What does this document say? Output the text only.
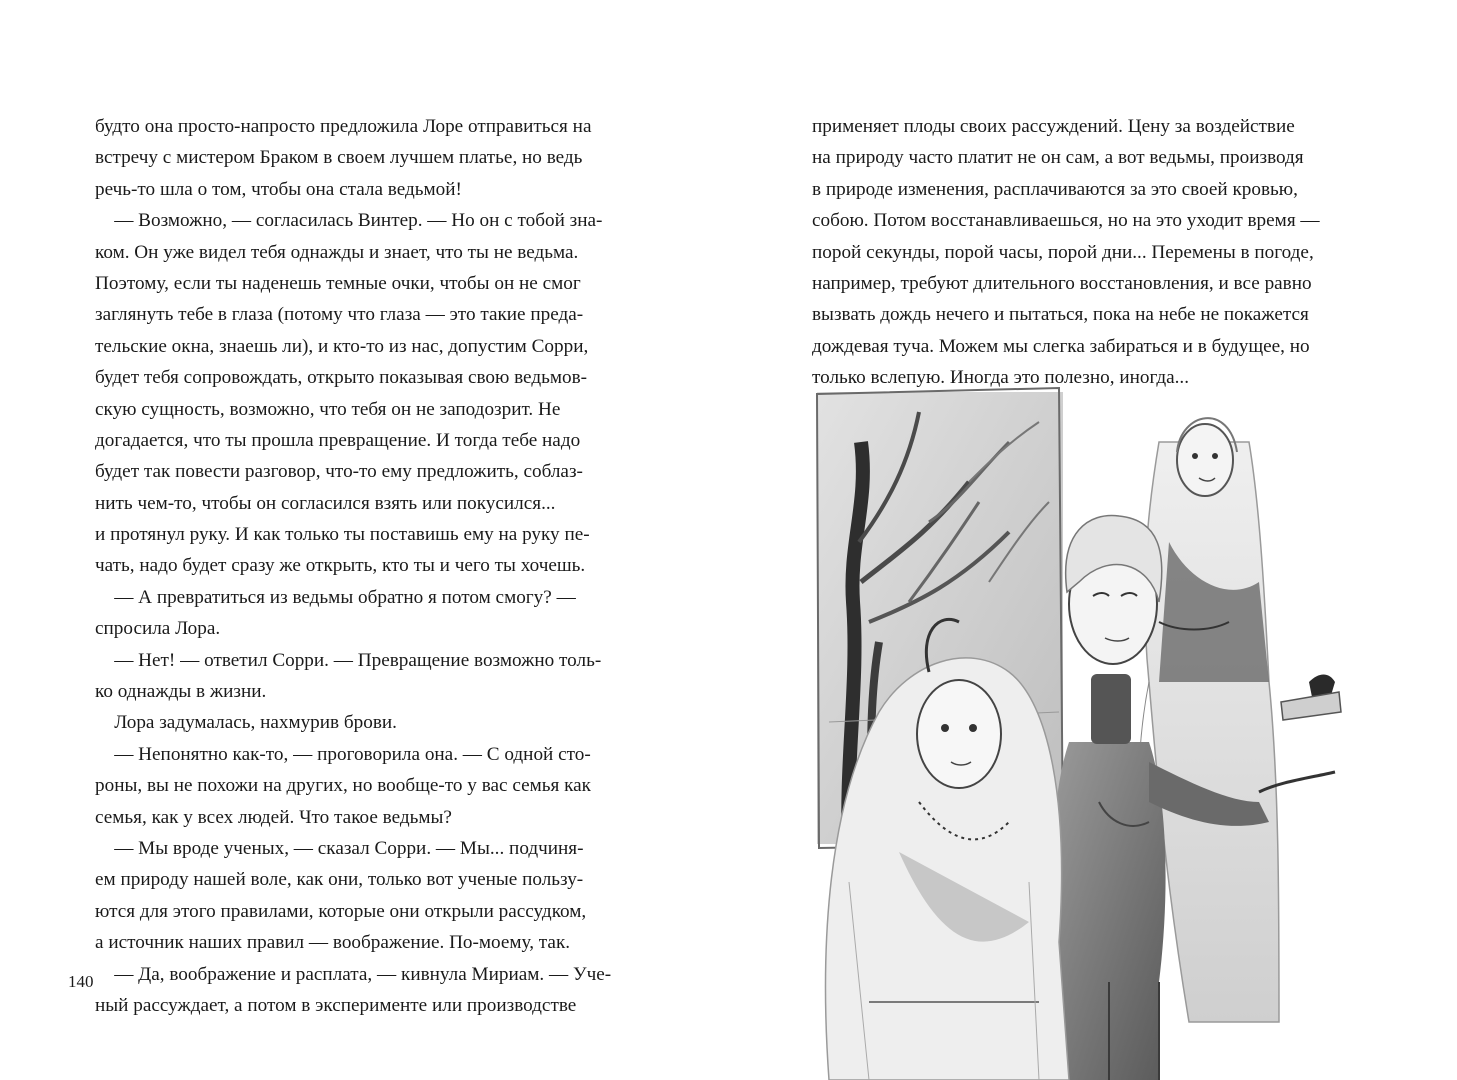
будто она просто-напросто предложила Лоре отправиться на
встречу с мистером Браком в своем лучшем платье, но ведь
речь-то шла о том, чтобы она стала ведьмой!
— Возможно, — согласилась Винтер. — Но он с тобой зна-
ком. Он уже видел тебя однажды и знает, что ты не ведьма.
Поэтому, если ты наденешь темные очки, чтобы он не смог
заглянуть тебе в глаза (потому что глаза — это такие преда-
тельские окна, знаешь ли), и кто-то из нас, допустим Сорри,
будет тебя сопровождать, открыто показывая свою ведьмов-
скую сущность, возможно, что тебя он не заподозрит. Не
догадается, что ты прошла превращение. И тогда тебе надо
будет так повести разговор, что-то ему предложить, соблаз-
нить чем-то, чтобы он согласился взять или покусился...
и протянул руку. И как только ты поставишь ему на руку пе-
чать, надо будет сразу же открыть, кто ты и чего ты хочешь.
— А превратиться из ведьмы обратно я потом смогу? —
спросила Лора.
— Нет! — ответил Сорри. — Превращение возможно толь-
ко однажды в жизни.
Лора задумалась, нахмурив брови.
— Непонятно как-то, — проговорила она. — С одной сто-
роны, вы не похожи на других, но вообще-то у вас семья как
семья, как у всех людей. Что такое ведьмы?
— Мы вроде ученых, — сказал Сорри. — Мы... подчиня-
ем природу нашей воле, как они, только вот ученые пользу-
ются для этого правилами, которые они открыли рассудком,
а источник наших правил — воображение. По-моему, так.
— Да, воображение и расплата, — кивнула Мириам. — Уче-
ный рассуждает, а потом в эксперименте или производстве
140
применяет плоды своих рассуждений. Цену за воздействие
на природу часто платит не он сам, а вот ведьмы, производя
в природе изменения, расплачиваются за это своей кровью,
собою. Потом восстанавливаешься, но на это уходит время —
порой секунды, порой часы, порой дни... Перемены в погоде,
например, требуют длительного восстановления, и все равно
вызвать дождь нечего и пытаться, пока на небе не покажется
дождевая туча. Можем мы слегка забираться и в будущее, но
только вслепую. Иногда это полезно, иногда...
